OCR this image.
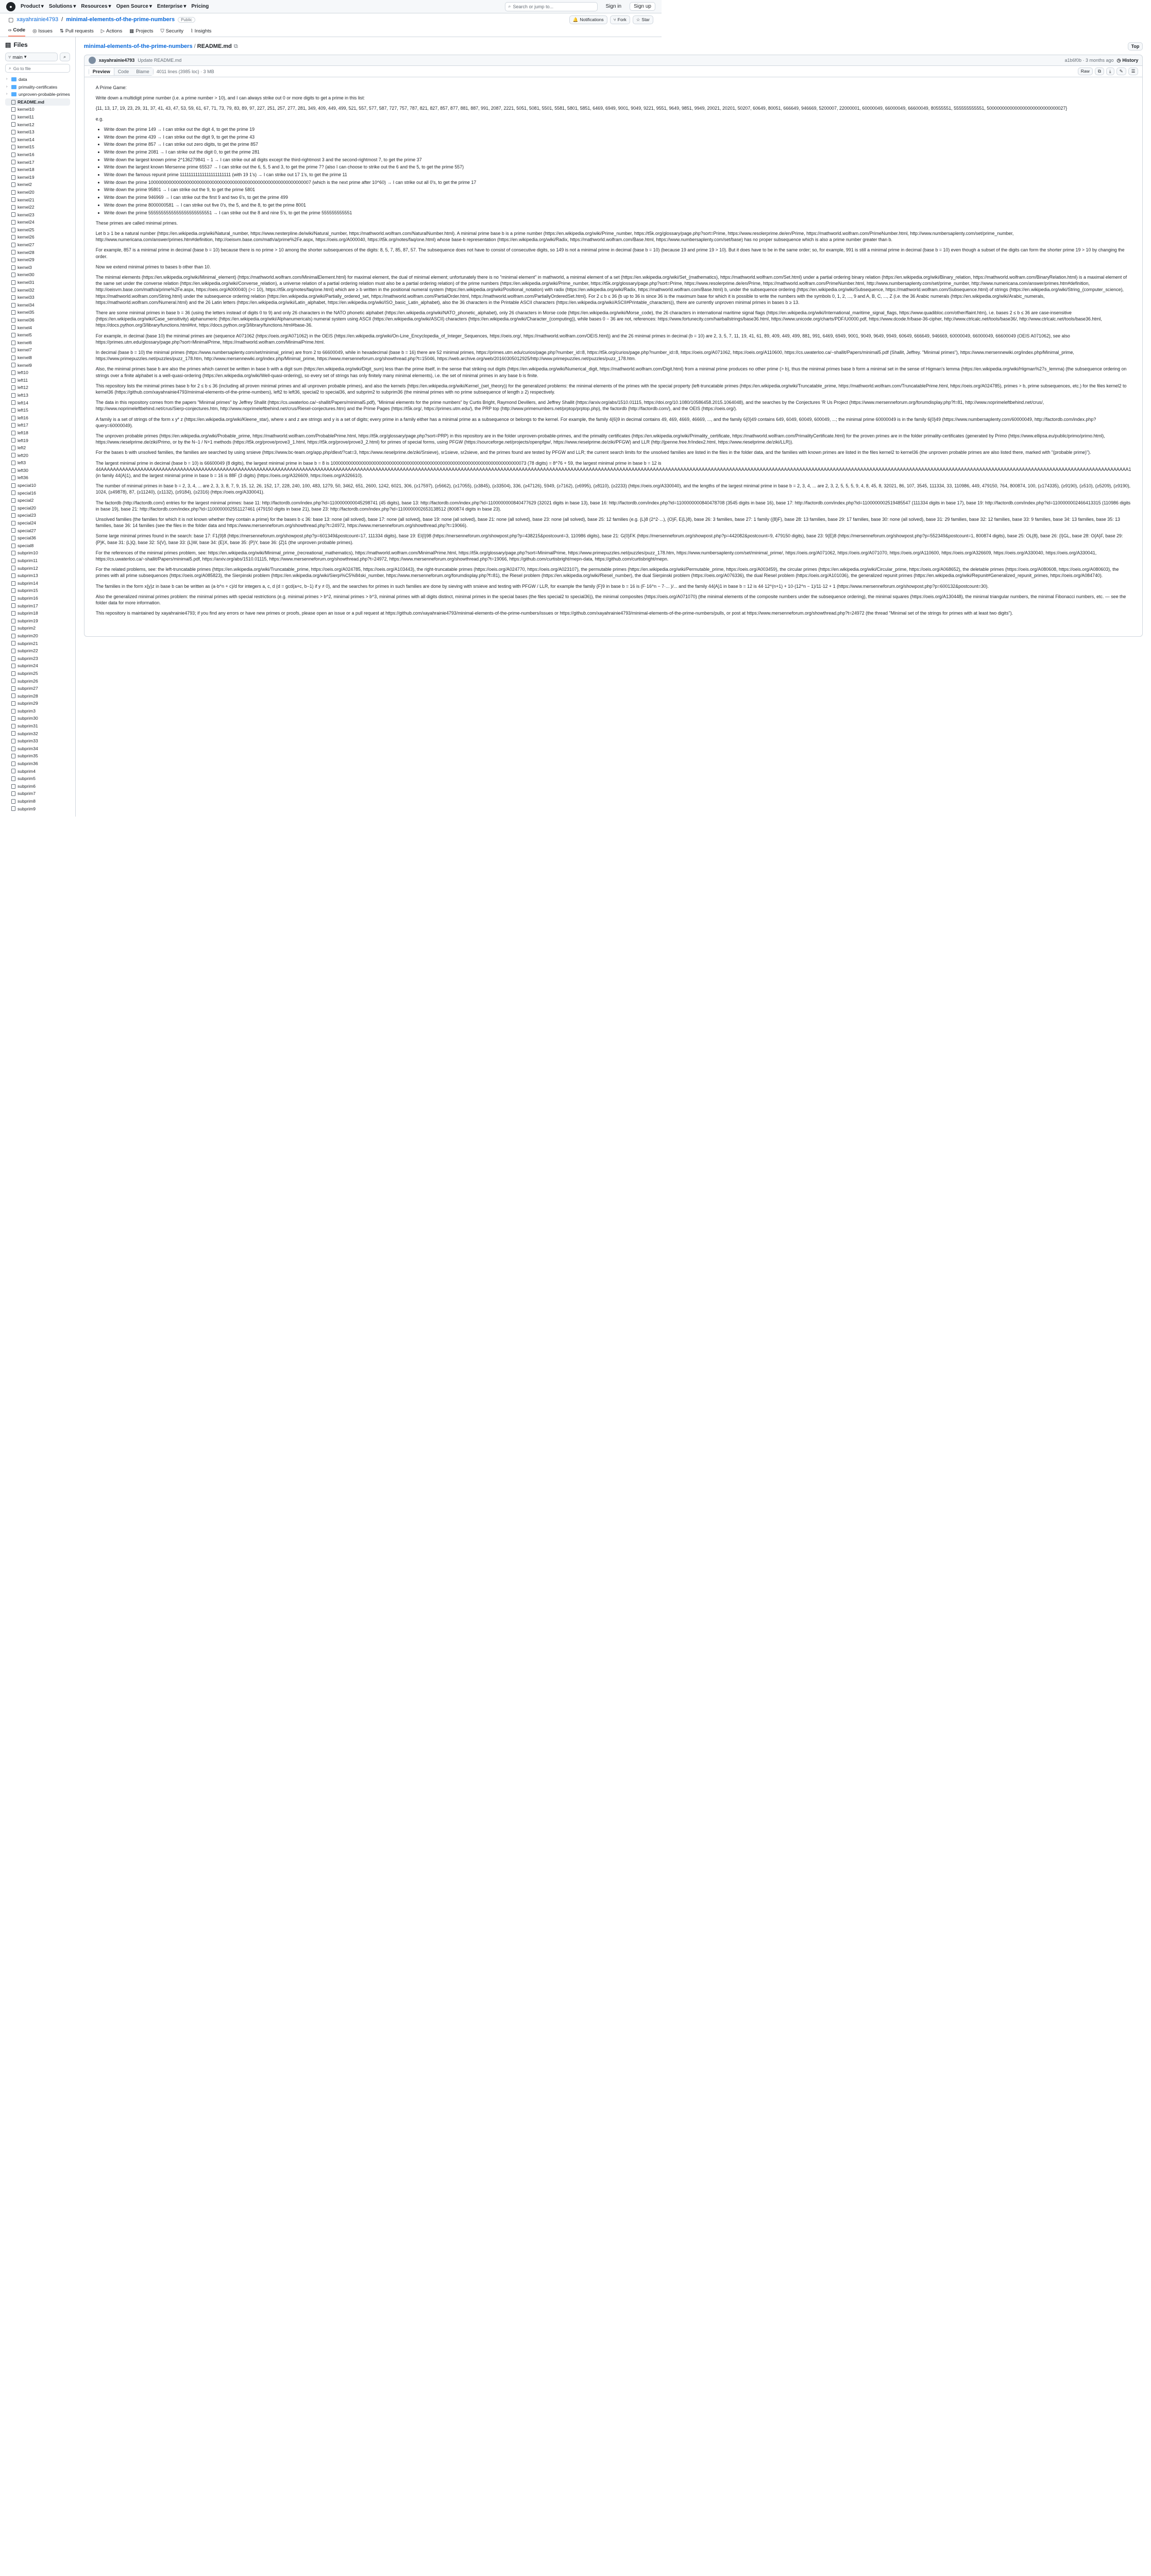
●	Product ▾ Solutions ▾ Resources ▾ Open Source ▾ Enterprise ▾ Pricing	⌕ Search or jump to...	Sign in	Sign up
▢ xayahrainie4793 / minimal-elements-of-the-prime-numbers	Public	🔔 Notifications ⑂ Fork ☆ Star
‹› Code ◎ Issues ⇅ Pull requests ▷ Actions ▦ Projects ⛉ Security ⌇ Insights
▤ Files
⑂ main ▾	⌕
⌕ Go to file
›	data
›	primality-certificates
›	unproven-probable-primes
README.md
kernel10
kernel11
kernel12
kernel13
kernel14
kernel15
kernel16
kernel17
kernel18
kernel19
kernel2
kernel20
kernel21
kernel22
kernel23
kernel24
kernel25
kernel26
kernel27
kernel28
kernel29
kernel3
kernel30
kernel31
kernel32
kernel33
kernel34
kernel35
kernel36
kernel4
kernel5
kernel6
kernel7
kernel8
kernel9
left10
left11
left12
left13
left14
left15
left16
left17
left18
left19
left2
left20
left3
left30
left36
special10
special16
special2
special20
special23
special24
special27
special36
special8
subprim10
subprim11
subprim12
subprim13
subprim14
subprim15
subprim16
subprim17
subprim18
subprim19
subprim2
subprim20
subprim21
subprim22
subprim23
subprim24
subprim25
subprim26
subprim27
subprim28
subprim29
subprim3
subprim30
subprim31
subprim32
subprim33
subprim34
subprim35
subprim36
subprim4
subprim5
subprim6
subprim7
subprim8
subprim9
minimal-elements-of-the-prime-numbers / README.md ⧉	Top
xayahrainie4793 Update README.md	a1b6f0b · 3 months ago ◷ History
Preview	Code	Blame	4011 lines (3985 loc) · 3 MB	Raw	⧉	⤓	✎	☰

A Prime Game:

Write down a multidigit prime number (i.e. a prime number > 10), and I can always strike out 0 or more digits to get a prime in this list:

{11, 13, 17, 19, 23, 29, 31, 37, 41, 43, 47, 53, 59, 61, 67, 71, 73, 79, 83, 89, 97, 227, 251, 257, 277, 281, 349, 409, 449, 499, 521, 557, 577, 587, 727, 757, 787, 821, 827, 857, 877, 881, 887, 991, 2087, 2221, 5051, 5081, 5501, 5581, 5801, 5851, 6469, 6949, 9001, 9049, 9221, 9551, 9649, 9851, 9949, 20021, 20201, 50207, 60649, 80051, 666649, 946669, 5200007, 22000001, 60000049, 66000049, 66600049, 80555551, 555555555551, 5000000000000000000000000000027}

e.g.

• Write down the prime 149 → I can strike out the digit 4, to get the prime 19
• Write down the prime 439 → I can strike out the digit 9, to get the prime 43
• Write down the prime 857 → I can strike out zero digits, to get the prime 857
• Write down the prime 2081 → I can strike out the digit 0, to get the prime 281
• Write down the largest known prime 2^136279841 − 1 → I can strike out all digits except the third-rightmost 3 and the second-rightmost 7, to get the prime 37
• Write down the largest known Mersenne prime 65537 → I can strike out the 6, 5, 5 and 3, to get the prime 7? (also I can choose to strike out the 6 and the 5, to get the prime 557)
• Write down the famous repunit prime 11111111111111111111111 (with 19 1's) → I can strike out 17 1's, to get the prime 11
• Write down the prime 1000000000000000000000000000000000000000000000000000000000000007 (which is the next prime after 10^60) → I can strike out all 0's, to get the prime 17
• Write down the prime 95801 → I can strike out the 9, to get the prime 5801
• Write down the prime 946969 → I can strike out the first 9 and two 6's, to get the prime 499
• Write down the prime 8000000581 → I can strike out five 0's, the 5, and the 8, to get the prime 8001
• Write down the prime 5555555555555555555555551 → I can strike out the 8 and nine 5's, to get the prime 555555555551

These primes are called minimal primes.

Let b ≥ 1 be a natural number (https://en.wikipedia.org/wiki/Natural_number, https://www.nesterpline.de/wiki/Natural_number, https://mathworld.wolfram.com/NaturalNumber.html). A minimal prime base b is a prime number (https://en.wikipedia.org/wiki/Prime_number, https://t5k.org/glossary/page.php?sort=Prime, https://www.resolerprime.de/en/Prime, https://mathworld.wolfram.com/PrimeNumber.html, http://www.numbersaplenty.com/set/prime_number, http://www.numericana.com/answer/primes.htm#definition, http://oeisvm.base.com/math/a/prime%2Fe.aspx, https://oeis.org/A000040, https://t5k.org/notes/faq/one.html) whose base-b representation (https://en.wikipedia.org/wiki/Radix, https://mathworld.wolfram.com/Base.html, https://www.numbersaplenty.com/set/base) has no proper subsequence which is also a prime number greater than b.

For example, 857 is a minimal prime in decimal (base b = 10) because there is no prime > 10 among the shorter subsequences of the digits: 8, 5, 7, 85, 87, 57. The subsequence does not have to consist of consecutive digits, so 149 is not a minimal prime in decimal (base b = 10) (because 19 and prime 19 > 10). But it does have to be in the same order; so, for example, 991 is still a minimal prime in decimal (base b = 10) even though a subset of the digits can form the shorter prime 19 > 10 by changing the order.

Now we extend minimal primes to bases b other than 10.

The minimal elements (https://en.wikipedia.org/wiki/Minimal_element) (https://mathworld.wolfram.com/MinimalElement.html) for maximal element, the dual of minimal element; unfortunately there is no "minimal element" in mathworld, a minimal element of a set (https://en.wikipedia.org/wiki/Set_(mathematics), https://mathworld.wolfram.com/Set.html) under a partial ordering binary relation (https://en.wikipedia.org/wiki/Binary_relation, https://mathworld.wolfram.com/BinaryRelation.html) is a maximal element of the same set under the converse relation (https://en.wikipedia.org/wiki/Converse_relation), a universe relation of a partial ordering relation must also be a partial ordering relation) of the prime numbers (https://en.wikipedia.org/wiki/Prime_number, https://t5k.org/glossary/page.php?sort=Prime, https://www.resolerprime.de/en/Prime, https://mathworld.wolfram.com/PrimeNumber.html, http://www.numbersaplenty.com/set/prime_number, http://www.numericana.com/answer/primes.htm#definition, http://oeisvm.base.com/math/a/prime%2Fe.aspx, https://oeis.org/A000040) (>= 10), https://t5k.org/notes/faq/one.html) which are ≥ b written in the positional numeral system (https://en.wikipedia.org/wiki/Positional_notation) with radix (https://en.wikipedia.org/wiki/Radix, https://mathworld.wolfram.com/Base.html) b, under the subsequence ordering (https://en.wikipedia.org/wiki/Subsequence, https://mathworld.wolfram.com/Subsequence.html) of strings (https://en.wikipedia.org/wiki/String_(computer_science), https://mathworld.wolfram.com/String.html) under the subsequence ordering relation (https://en.wikipedia.org/wiki/Partially_ordered_set, https://mathworld.wolfram.com/PartialOrder.html, https://mathworld.wolfram.com/PartiallyOrderedSet.html). For 2 ≤ b ≤ 36 (b up to 36 is since 36 is the maximum base for which it is possible to write the numbers with the symbols 0, 1, 2, ..., 9 and A, B, C, ..., Z (i.e. the 36 Arabic numerals (https://en.wikipedia.org/wiki/Arabic_numerals, https://mathworld.wolfram.com/Numeral.html) and the 26 Latin letters (https://en.wikipedia.org/wiki/Latin_alphabet, https://en.wikipedia.org/wiki/ISO_basic_Latin_alphabet), also the 36 characters in the Printable ASCII characters (https://en.wikipedia.org/wiki/ASCII#Printable_characters)), there are currently unproven minimal primes in bases b ≥ 13.

There are some minimal primes in base b = 36 (using the letters instead of digits 0 to 9) and only 26 characters in the NATO phonetic alphabet (https://en.wikipedia.org/wiki/NATO_phonetic_alphabet), only 26 characters in Morse code (https://en.wikipedia.org/wiki/Morse_code), the 26 characters in international maritime signal flags (https://en.wikipedia.org/wiki/International_maritime_signal_flags, https://www.quadibloc.com/other/flaint.htm), i.e. bases 2 ≤ b ≤ 36 are case-insensitive (https://en.wikipedia.org/wiki/Case_sensitivity) alphanumeric (https://en.wikipedia.org/wiki/Alphanumericals) numeral system using ASCII (https://en.wikipedia.org/wiki/ASCII) characters (https://en.wikipedia.org/wiki/Character_(computing)), while bases 0 − 36 are not, references: https://www.fortunecity.com/hairballstrings/base36.html, https://www.unicode.org/charts/PDF/U0000.pdf, https://www.dcode.fr/base-36-cipher, http://www.ctrlcalc.net/tools/base36/, http://www.ctrlcalc.net/tools/base36.html, https://docs.python.org/3/library/functions.html#int, https://docs.python.org/3/library/functions.html#base-36.

For example, in decimal (base 10) the minimal primes are (sequence A071062 (https://oeis.org/A071062) in the OEIS (https://en.wikipedia.org/wiki/On-Line_Encyclopedia_of_Integer_Sequences, https://oeis.org/, https://mathworld.wolfram.com/OEIS.html)) and the 26 minimal primes in decimal (b = 10) are 2, 3, 5, 7, 11, 19, 41, 61, 89, 409, 449, 499, 881, 991, 6469, 6949, 9001, 9049, 9649, 9949, 60649, 666649, 946669, 60000049, 66000049, 66600049 (OEIS A071062), see also https://primes.utm.edu/glossary/page.php?sort=MinimalPrime, https://mathworld.wolfram.com/MinimalPrime.html.

In decimal (base b = 10) the minimal primes (https://www.numbersaplenty.com/set/minimal_prime) are from 2 to 66600049, while in hexadecimal (base b = 16) there are 52 minimal primes, https://primes.utm.edu/curios/page.php?number_id=8, https://t5k.org/curios/page.php?number_id=8, https://oeis.org/A071062, https://oeis.org/A110600, https://cs.uwaterloo.ca/~shallit/Papers/minimal5.pdf (Shallit, Jeffrey. "Minimal primes"), https://www.mersennewiki.org/index.php/Minimal_prime, https://www.primepuzzles.net/puzzles/puzz_178.htm, http://www.mersennewiki.org/index.php/Minimal_prime, https://www.mersenneforum.org/showthread.php?t=15046, https://web.archive.org/web/20160305012925/http://www.primepuzzles.net/puzzles/puzz_178.htm.

Also, the minimal primes base b are also the primes which cannot be written in base b with a digit sum (https://en.wikipedia.org/wiki/Digit_sum) less than the prime itself, in the sense that striking out digits (https://en.wikipedia.org/wiki/Numerical_digit, https://mathworld.wolfram.com/Digit.html) from a minimal prime produces no other prime (> b), thus the minimal primes base b form a minimal set in the sense of Higman's lemma (https://en.wikipedia.org/wiki/Higman%27s_lemma) (the subsequence ordering on strings over a finite alphabet is a well-quasi-ordering (https://en.wikipedia.org/wiki/Well-quasi-ordering), so every set of strings has only finitely many minimal elements), i.e. the set of minimal primes in any base b is finite.

This repository lists the minimal primes base b for 2 ≤ b ≤ 36 (including all proven minimal primes and all unproven probable primes), and also the kernels (https://en.wikipedia.org/wiki/Kernel_(set_theory)) for the generalized problems: the minimal elements of the primes with the special property (left-truncatable primes (https://en.wikipedia.org/wiki/Truncatable_prime, https://mathworld.wolfram.com/TruncatablePrime.html, https://oeis.org/A024785), primes > b, prime subsequences, etc.) for the files kernel2 to kernel36 (https://github.com/xayahrainie4793/minimal-elements-of-the-prime-numbers), left2 to left36, special2 to special36, and subprim2 to subprim36 (the minimal primes with no prime subsequence of length ≥ 2) respectively.

The data in this repository comes from the papers "Minimal primes" by Jeffrey Shallit (https://cs.uwaterloo.ca/~shallit/Papers/minimal5.pdf), "Minimal elements for the prime numbers" by Curtis Bright, Raymond Devillers, and Jeffrey Shallit (https://arxiv.org/abs/1510.01115, https://doi.org/10.1080/10586458.2015.1064048), and the searches by the Conjectures 'R Us Project (https://www.mersenneforum.org/forumdisplay.php?f=81, http://www.noprimeleftbehind.net/crus/, http://www.noprimeleftbehind.net/crus/Sierp-conjectures.htm, http://www.noprimeleftbehind.net/crus/Riesel-conjectures.htm) and the Prime Pages (https://t5k.org/, https://primes.utm.edu/), the PRP top (http://www.primenumbers.net/prptop/prptop.php), the factordb (http://factordb.com/), and the OEIS (https://oeis.org/).

A family is a set of strings of the form x y* z (https://en.wikipedia.org/wiki/Kleene_star), where x and z are strings and y is a set of digits; every prime in a family either has a minimal prime as a subsequence or belongs to the kernel. For example, the family 4{6}9 in decimal contains 49, 469, 4669, 46669, ..., and the family 6{0}49 contains 649, 6049, 60049, 600049, ...; the minimal prime 60000049 is in the family 6{0}49 (https://www.numbersaplenty.com/60000049, http://factordb.com/index.php?query=60000049).

The unproven probable primes (https://en.wikipedia.org/wiki/Probable_prime, https://mathworld.wolfram.com/ProbablePrime.html, https://t5k.org/glossary/page.php?sort=PRP) in this repository are in the folder unproven-probable-primes, and the primality certificates (https://en.wikipedia.org/wiki/Primality_certificate, https://mathworld.wolfram.com/PrimalityCertificate.html) for the proven primes are in the folder primality-certificates (generated by Primo (https://www.ellipsa.eu/public/primo/primo.html), https://www.rieselprime.de/ziki/Primo, or by the N−1 / N+1 methods (https://t5k.org/prove/prove3_1.html, https://t5k.org/prove/prove3_2.html) for primes of special forms, using PFGW (https://sourceforge.net/projects/openpfgw/, https://www.rieselprime.de/ziki/PFGW) and LLR (http://jpenne.free.fr/index2.html, https://www.rieselprime.de/ziki/LLR)).

For the bases b with unsolved families, the families are searched by using srsieve (https://www.bc-team.org/app.php/dlext/?cat=3, https://www.rieselprime.de/ziki/Srsieve), sr1sieve, sr2sieve, and the primes found are tested by PFGW and LLR; the current search limits for the unsolved families are listed in the files in the folder data, and the families with known primes are listed in the files kernel2 to kernel36 (the unproven probable primes are also listed there, marked with "(probable prime)").

The largest minimal prime in decimal (base b = 10) is 66600049 (8 digits), the largest minimal prime in base b = 8 is 10000000000000000000000000000000000000000000000000000000000000000000000000073 (78 digits) = 8^76 + 59, the largest minimal prime in base b = 12 is 44AAAAAAAAAAAAAAAAAAAAAAAAAAAAAAAAAAAAAAAAAAAAAAAAAAAAAAAAAAAAAAAAAAAAAAAAAAAAAAAAAAAAAAAAAAAAAAAAAAAAAAAAAAAAAAAAAAAAAAAAAAAAAAAAAAAAAAAAAAAAAAAAAAAAAAAAAAAAAAAAAAAAAAAAAAAAAAAAAAAAAAAAAAAAAAAAAAAAAAAAAAAAAAAAAAAAAAAAAAAAAAAAAAAAAAAAAAAAAAAAAAAAAAAAAAAAAAAAAAAAAAAAAAAAAAAAAAAAAAAAAAAAAAAAAAAAAAAAAAAAAAAAAAAAAAAAAAAAAAAAAAAAAAAAAAAAAAAAA1 (in family 44{A}1), and the largest minimal prime in base b = 16 is 88F (3 digits) (https://oeis.org/A326609, https://oeis.org/A326610).

The number of minimal primes in base b = 2, 3, 4, ... are 2, 3, 3, 8, 7, 9, 15, 12, 26, 152, 17, 228, 240, 100, 483, 1279, 50, 3462, 651, 2600, 1242, 6021, 306, (≥17597), (≥5662), (≥17055), (≥3845), (≥33504), 336, (≥47126), 5949, (≥7162), (≥6995), (≥8110), (≥2233) (https://oeis.org/A330040), and the lengths of the largest minimal prime in base b = 2, 3, 4, ... are 2, 3, 2, 5, 5, 5, 9, 4, 8, 45, 8, 32021, 86, 107, 3545, 111334, 33, 110986, 449, 479150, 764, 800874, 100, (≥174335), (≥9190), (≥510), (≥5209), (≥9190), 1024, (≥49878), 87, (≥11240), (≥1132), (≥9184), (≥2316) (https://oeis.org/A330041).

The factordb (http://factordb.com/) entries for the largest minimal primes: base 11: http://factordb.com/index.php?id=1100000000045298741 (45 digits), base 13: http://factordb.com/index.php?id=1100000000840477629 (32021 digits in base 13), base 16: http://factordb.com/index.php?id=1100000000840478708 (3545 digits in base 16), base 17: http://factordb.com/index.php?id=1100000002519485547 (111334 digits in base 17), base 19: http://factordb.com/index.php?id=1100000002466413315 (110986 digits in base 19), base 21: http://factordb.com/index.php?id=1100000002551127461 (479150 digits in base 21), base 23: http://factordb.com/index.php?id=1100000002653138512 (800874 digits in base 23).

Unsolved families (the families for which it is not known whether they contain a prime) for the bases b ≤ 36: base 13: none (all solved), base 17: none (all solved), base 19: none (all solved), base 21: none (all solved), base 23: none (all solved), base 25: 12 families (e.g. {L}8 (2^2·...), {O}F, E{L}8), base 26: 3 families, base 27: 1 family ({8}F), base 28: 13 families, base 29: 17 families, base 30: none (all solved), base 31: 29 families, base 32: 12 families, base 33: 9 families, base 34: 13 families, base 35: 13 families, base 36: 14 families (see the files in the folder data and https://www.mersenneforum.org/showthread.php?t=24972, https://www.mersenneforum.org/showthread.php?t=19066).

Some large minimal primes found in the search: base 17: F1{9}8 (https://mersenneforum.org/showpost.php?p=601349&postcount=17, 111334 digits), base 19: EI{I}98 (https://mersenneforum.org/showpost.php?p=438215&postcount=3, 110986 digits), base 21: G{0}FK (https://mersenneforum.org/showpost.php?p=442082&postcount=9, 479150 digits), base 23: 9{E}8 (https://mersenneforum.org/showpost.php?p=552349&postcount=1, 800874 digits), base 25: OL{8}, base 26: {I}GL, base 28: O{A}F, base 29: {P}K, base 31: {L}Q, base 32: S{V}, base 33: {L}W, base 34: {E}X, base 35: {P}Y, base 36: {Z}1 (the unproven probable primes).

For the references of the minimal primes problem, see: https://en.wikipedia.org/wiki/Minimal_prime_(recreational_mathematics), https://mathworld.wolfram.com/MinimalPrime.html, https://t5k.org/glossary/page.php?sort=MinimalPrime, https://www.primepuzzles.net/puzzles/puzz_178.htm, https://www.numbersaplenty.com/set/minimal_prime/, https://oeis.org/A071062, https://oeis.org/A071070, https://oeis.org/A110600, https://oeis.org/A326609, https://oeis.org/A330040, https://oeis.org/A330041, https://cs.uwaterloo.ca/~shallit/Papers/minimal5.pdf, https://arxiv.org/abs/1510.01115, https://www.mersenneforum.org/showthread.php?t=24972, https://www.mersenneforum.org/showthread.php?t=19066, https://github.com/curtisbright/mepn-data, https://github.com/curtisbright/mepn.

For the related problems, see: the left-truncatable primes (https://en.wikipedia.org/wiki/Truncatable_prime, https://oeis.org/A024785, https://oeis.org/A103443), the right-truncatable primes (https://oeis.org/A024770, https://oeis.org/A023107), the permutable primes (https://en.wikipedia.org/wiki/Permutable_prime, https://oeis.org/A003459), the circular primes (https://en.wikipedia.org/wiki/Circular_prime, https://oeis.org/A068652), the deletable primes (https://oeis.org/A080608, https://oeis.org/A080603), the primes with all prime subsequences (https://oeis.org/A085823), the Sierpinski problem (https://en.wikipedia.org/wiki/Sierpi%C5%84ski_number, https://www.mersenneforum.org/forumdisplay.php?f=81), the Riesel problem (https://en.wikipedia.org/wiki/Riesel_number), the dual Sierpinski problem (https://oeis.org/A076336), the dual Riesel problem (https://oeis.org/A101036), the generalized repunit primes (https://en.wikipedia.org/wiki/Repunit#Generalized_repunit_primes, https://oeis.org/A084740).

The families in the form x{y}z in base b can be written as (a·b^n + c)/d for integers a, c, d (d = gcd(a+c, b−1) if y ≠ 0), and the searches for primes in such families are done by sieving with srsieve and testing with PFGW / LLR, for example the family {F}9 in base b = 16 is (F·16^n − 7·... )/... and the family 44{A}1 in base b = 12 is 44·12^(n+1) + 10·(12^n − 1)/11·12 + 1 (https://www.mersenneforum.org/showpost.php?p=600132&postcount=30).

Also the generalized minimal primes problem: the minimal primes with special restrictions (e.g. minimal primes > b^2, minimal primes > b^3, minimal primes with all digits distinct, minimal primes in the special bases (the files special2 to special36)), the minimal composites (https://oeis.org/A071070) (the minimal elements of the composite numbers under the subsequence ordering), the minimal squares (https://oeis.org/A130448), the minimal triangular numbers, the minimal Fibonacci numbers, etc. — see the folder data for more information.

This repository is maintained by xayahrainie4793; if you find any errors or have new primes or proofs, please open an issue or a pull request at https://github.com/xayahrainie4793/minimal-elements-of-the-prime-numbers/issues or https://github.com/xayahrainie4793/minimal-elements-of-the-prime-numbers/pulls, or post at https://www.mersenneforum.org/showthread.php?t=24972 (the thread "Minimal set of the strings for primes with at least two digits").
